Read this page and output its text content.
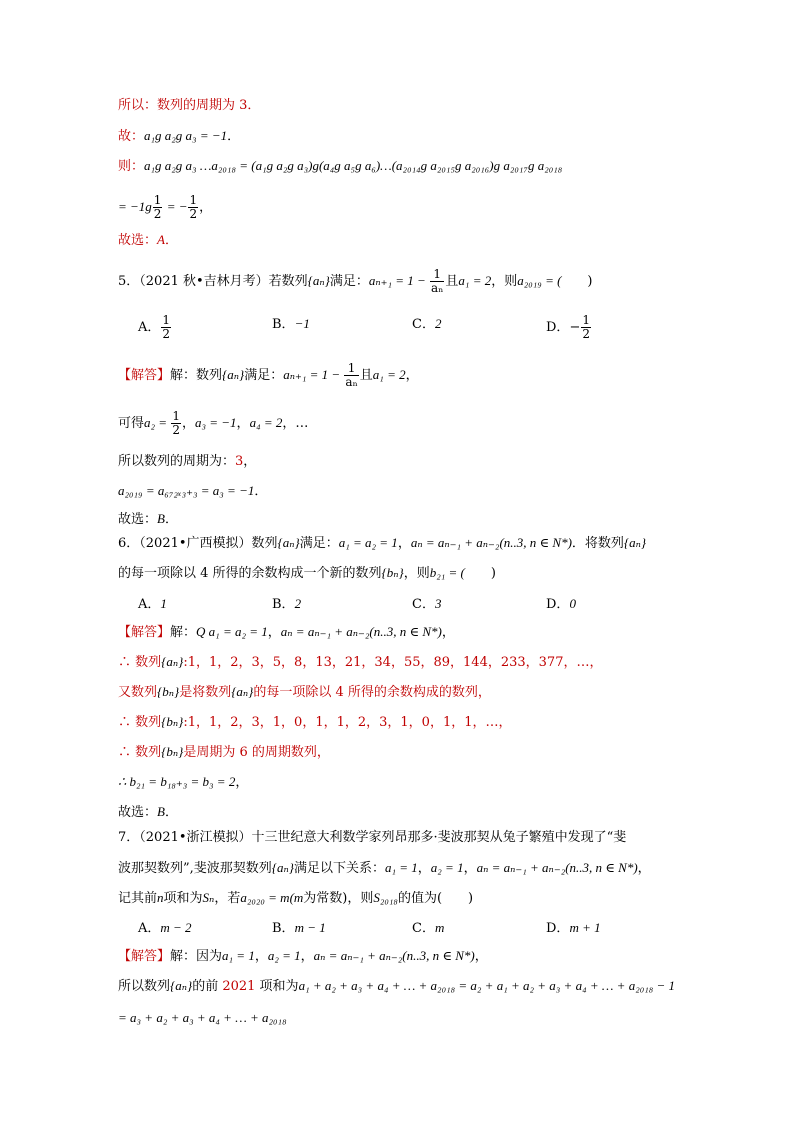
所以：数列的周期为 3．
故：a₁g a₂g a₃ = −1．
则：a₁g a₂g a₃ …a₂₀₁₈ = (a₁g a₂g a₃)g(a₄g a₅g a₆)…(a₂₀₁₄g a₂₀₁₅g a₂₀₁₆)g a₂₀₁₇g a₂₀₁₈
= $-1g \frac{1}{2}$ = − $\frac{1}{2}$ ，
故选：A．
5．（2021 秋•吉林月考）若数列{aₙ}满足：$a_{n+1} = 1 - \frac{1}{\text{aₙ}}$ 且a₁ = 2，则a₂₀₁₉ = (　　)
【解答】解：数列{aₙ}满足：$a_{n+1} = 1 - \frac{1}{\text{aₙ}}$ 且a₁ = 2，
可得$a_2 = \frac{1}{2}$ ，a₃ = −1，a₄ = 2，…
所以数列的周期为：3，
a₂₀₁₉ = a₆₇₂ₓ₃₊₃ = a₃ = −1．
故选：B．
6．（2021•广西模拟）数列{aₙ}满足：a₁ = a₂ = 1，aₙ = aₙ₋₁ + aₙ₋₂(n..3, n ∈ N*)．将数列{aₙ}
的每一项除以 4 所得的余数构成一个新的数列{bₙ}，则b₂₁ = (　　)
【解答】解：Q a₁ = a₂ = 1，aₙ = aₙ₋₁ + aₙ₋₂(n..3, n ∈ N*)，
∴ 数列{aₙ}:1，1，2，3，5，8，13，21，34，55，89，144，233，377，…，
又数列{bₙ}是将数列{aₙ}的每一项除以 4 所得的余数构成的数列，
∴ 数列{bₙ}:1，1，2，3，1，0，1，1，2，3，1，0，1，1，…，
∴ 数列{bₙ}是周期为 6 的周期数列，
∴ b₂₁ = b₁₈₊₃ = b₃ = 2，
故选：B．
7．（2021•浙江模拟）十三世纪意大利数学家列昂那多·斐波那契从兔子繁殖中发现了“斐
波那契数列”,斐波那契数列{aₙ}满足以下关系：a₁ = 1，a₂ = 1，aₙ = aₙ₋₁ + aₙ₋₂(n..3, n ∈ N*)，
记其前n项和为Sₙ，若a₂₀₂₀ = m(m为常数)，则S₂₀₁₈的值为(　　)
【解答】解：因为a₁ = 1，a₂ = 1，aₙ = aₙ₋₁ + aₙ₋₂(n..3, n ∈ N*)，
所以数列{aₙ}的前 2021 项和为a₁ + a₂ + a₃ + a₄ + … + a₂₀₁₈ = a₂ + a₁ + a₂ + a₃ + a₄ + … + a₂₀₁₈ − 1
= a₃ + a₂ + a₃ + a₄ + … + a₂₀₁₈
A． $\frac{1}{2}$	B．−1	C．2	D．− $\frac{1}{2}$
A．1	B．2	C．3	D．0
A．m − 2	B．m − 1	C．m	D．m + 1
